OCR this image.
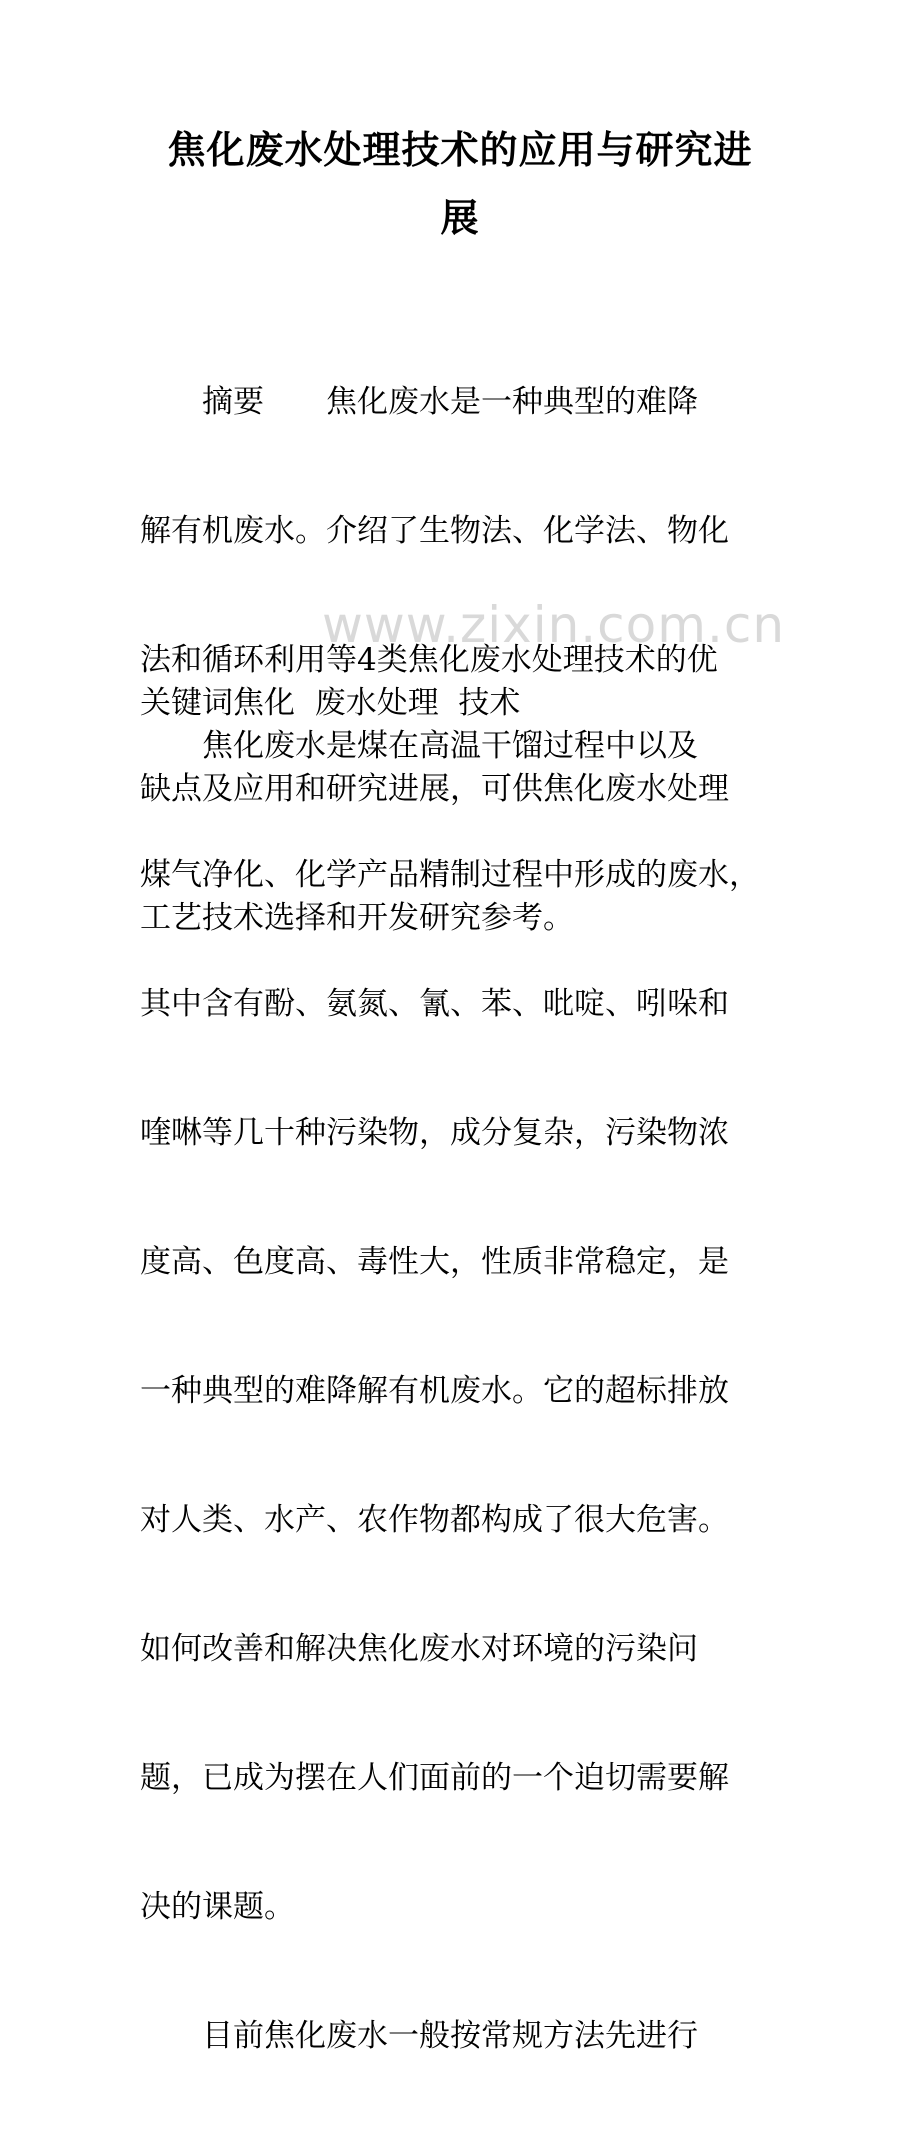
焦化废水处理技术的应用与研究进
展

　　摘要　　焦化废水是一种典型的难降

解有机废水。介绍了生物法、化学法、物化

法和循环利用等4类焦化废水处理技术的优

缺点及应用和研究进展，可供焦化废水处理

工艺技术选择和开发研究参考。

www.zixin.com.cn

关键词焦化  废水处理  技术

　　焦化废水是煤在高温干馏过程中以及

煤气净化、化学产品精制过程中形成的废水，

其中含有酚、氨氮、氰、苯、吡啶、吲哚和

喹啉等几十种污染物，成分复杂，污染物浓

度高、色度高、毒性大，性质非常稳定，是

一种典型的难降解有机废水。它的超标排放

对人类、水产、农作物都构成了很大危害。

如何改善和解决焦化废水对环境的污染问

题，已成为摆在人们面前的一个迫切需要解

决的课题。

　　目前焦化废水一般按常规方法先进行
